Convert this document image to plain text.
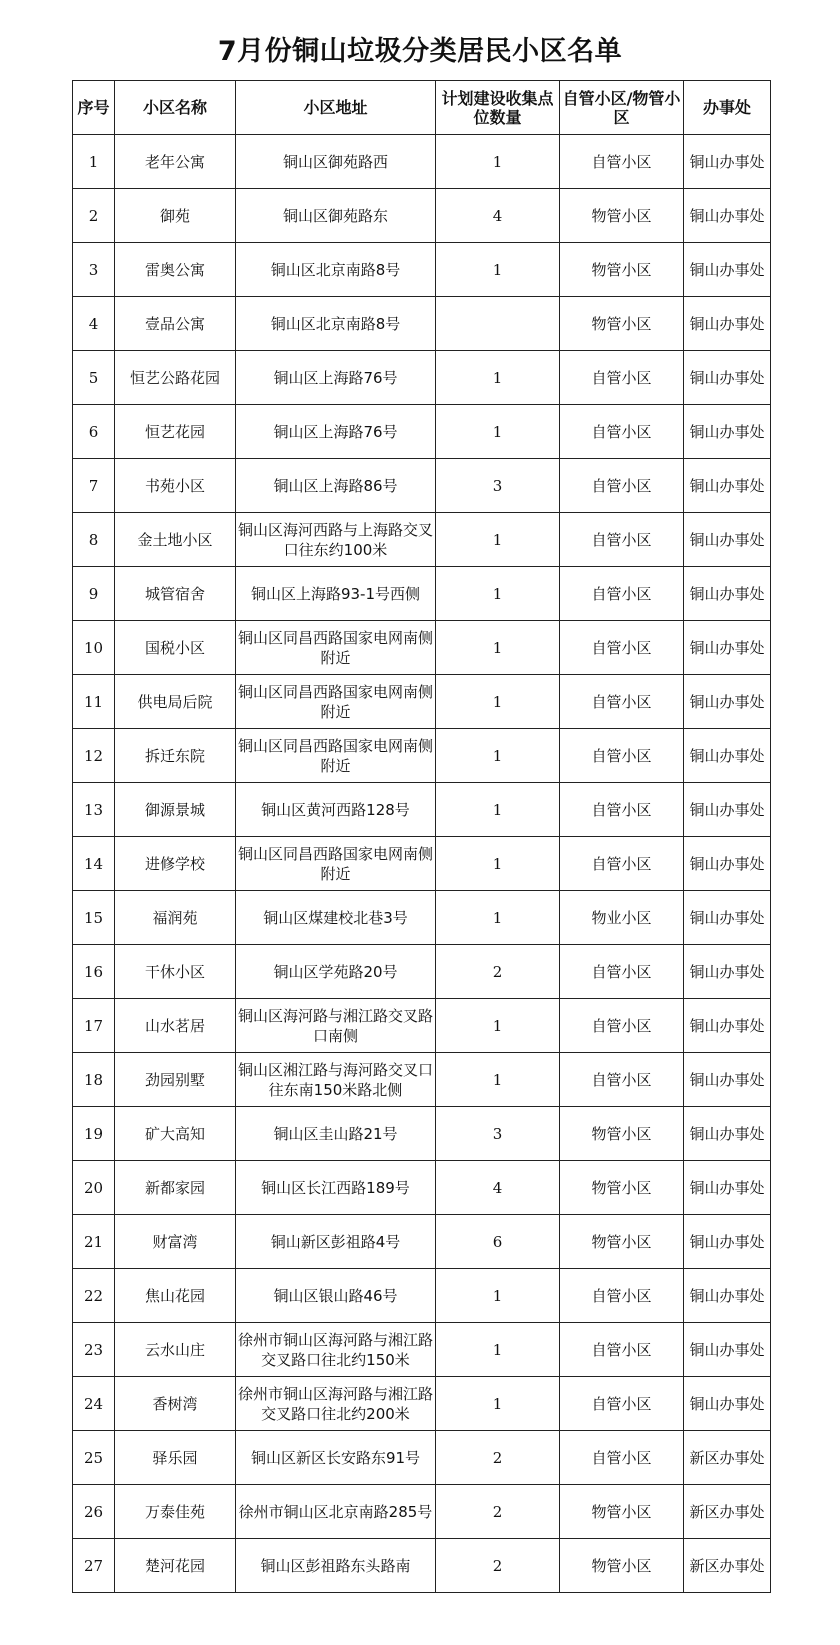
7月份铜山垃圾分类居民小区名单
序号	小区名称	小区地址	计划建设收集点位数量	自管小区/物管小区	办事处
1	老年公寓	铜山区御苑路西	1	自管小区	铜山办事处
2	御苑	铜山区御苑路东	4	物管小区	铜山办事处
3	雷奥公寓	铜山区北京南路8号	1	物管小区	铜山办事处
4	壹品公寓	铜山区北京南路8号		物管小区	铜山办事处
5	恒艺公路花园	铜山区上海路76号	1	自管小区	铜山办事处
6	恒艺花园	铜山区上海路76号	1	自管小区	铜山办事处
7	书苑小区	铜山区上海路86号	3	自管小区	铜山办事处
8	金土地小区	铜山区海河西路与上海路交叉口往东约100米	1	自管小区	铜山办事处
9	城管宿舍	铜山区上海路93-1号西侧	1	自管小区	铜山办事处
10	国税小区	铜山区同昌西路国家电网南侧附近	1	自管小区	铜山办事处
11	供电局后院	铜山区同昌西路国家电网南侧附近	1	自管小区	铜山办事处
12	拆迁东院	铜山区同昌西路国家电网南侧附近	1	自管小区	铜山办事处
13	御源景城	铜山区黄河西路128号	1	自管小区	铜山办事处
14	进修学校	铜山区同昌西路国家电网南侧附近	1	自管小区	铜山办事处
15	福润苑	铜山区煤建校北巷3号	1	物业小区	铜山办事处
16	干休小区	铜山区学苑路20号	2	自管小区	铜山办事处
17	山水茗居	铜山区海河路与湘江路交叉路口南侧	1	自管小区	铜山办事处
18	劲园别墅	铜山区湘江路与海河路交叉口往东南150米路北侧	1	自管小区	铜山办事处
19	矿大高知	铜山区圭山路21号	3	物管小区	铜山办事处
20	新都家园	铜山区长江西路189号	4	物管小区	铜山办事处
21	财富湾	铜山新区彭祖路4号	6	物管小区	铜山办事处
22	焦山花园	铜山区银山路46号	1	自管小区	铜山办事处
23	云水山庄	徐州市铜山区海河路与湘江路交叉路口往北约150米	1	自管小区	铜山办事处
24	香树湾	徐州市铜山区海河路与湘江路交叉路口往北约200米	1	自管小区	铜山办事处
25	驿乐园	铜山区新区长安路东91号	2	自管小区	新区办事处
26	万泰佳苑	徐州市铜山区北京南路285号	2	物管小区	新区办事处
27	楚河花园	铜山区彭祖路东头路南	2	物管小区	新区办事处
